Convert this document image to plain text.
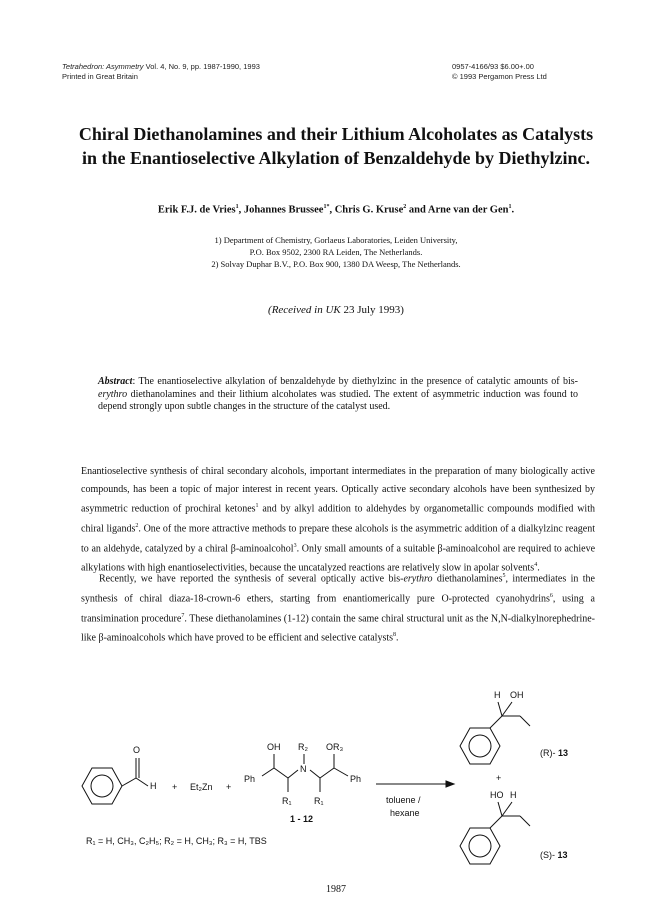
Tetrahedron: Asymmetry Vol. 4, No. 9, pp. 1987-1990, 1993
Printed in Great Britain
0957-4166/93 $6.00+.00
© 1993 Pergamon Press Ltd
Chiral Diethanolamines and their Lithium Alcoholates as Catalysts
in the Enantioselective Alkylation of Benzaldehyde by Diethylzinc.
Erik F.J. de Vries$^1$, Johannes Brussee$^{1*}$, Chris G. Kruse$^2$ and Arne van der Gen$^1$.
1) Department of Chemistry, Gorlaeus Laboratories, Leiden University,
P.O. Box 9502, 2300 RA Leiden, The Netherlands.
2) Solvay Duphar B.V., P.O. Box 900, 1380 DA Weesp, The Netherlands.
(Received in UK 23 July 1993)
Abstract: The enantioselective alkylation of benzaldehyde by diethylzinc in the presence of catalytic amounts of bis-erythro diethanolamines and their lithium alcoholates was studied. The extent of asymmetric induction was found to depend strongly upon subtle changes in the structure of the catalyst used.
Enantioselective synthesis of chiral secondary alcohols, important intermediates in the preparation of many biologically active compounds, has been a topic of major interest in recent years. Optically active secondary alcohols have been synthesized by asymmetric reduction of prochiral ketones$^1$ and by alkyl addition to aldehydes by organometallic compounds modified with chiral ligands$^2$. One of the more attractive methods to prepare these alcohols is the asymmetric addition of a dialkylzinc reagent to an aldehyde, catalyzed by a chiral β-aminoalcohol$^3$. Only small amounts of a suitable β-aminoalcohol are required to achieve alkylations with high enantioselectivities, because the uncatalyzed reactions are relatively slow in apolar solvents$^4$.
Recently, we have reported the synthesis of several optically active bis-erythro diethanolamines$^5$, intermediates in the synthesis of chiral diaza-18-crown-6 ethers, starting from enantiomerically pure O-protected cyanohydrins$^6$, using a transimination procedure$^7$. These diethanolamines (1-12) contain the same chiral structural unit as the N,N-dialkylnorephedrine-like β-aminoalcohols which have proved to be efficient and selective catalysts$^8$.
O
H + Et₂Zn +
OH R₂ OR₃
N
Ph	Ph
R₁ R₁
1 - 12
toluene /
hexane
+
H OH
(R)- 13
HO H
(S)- 13
R₁ = H, CH₃, C₂H₅; R₂ = H, CH₃; R₃ = H, TBS
1987
